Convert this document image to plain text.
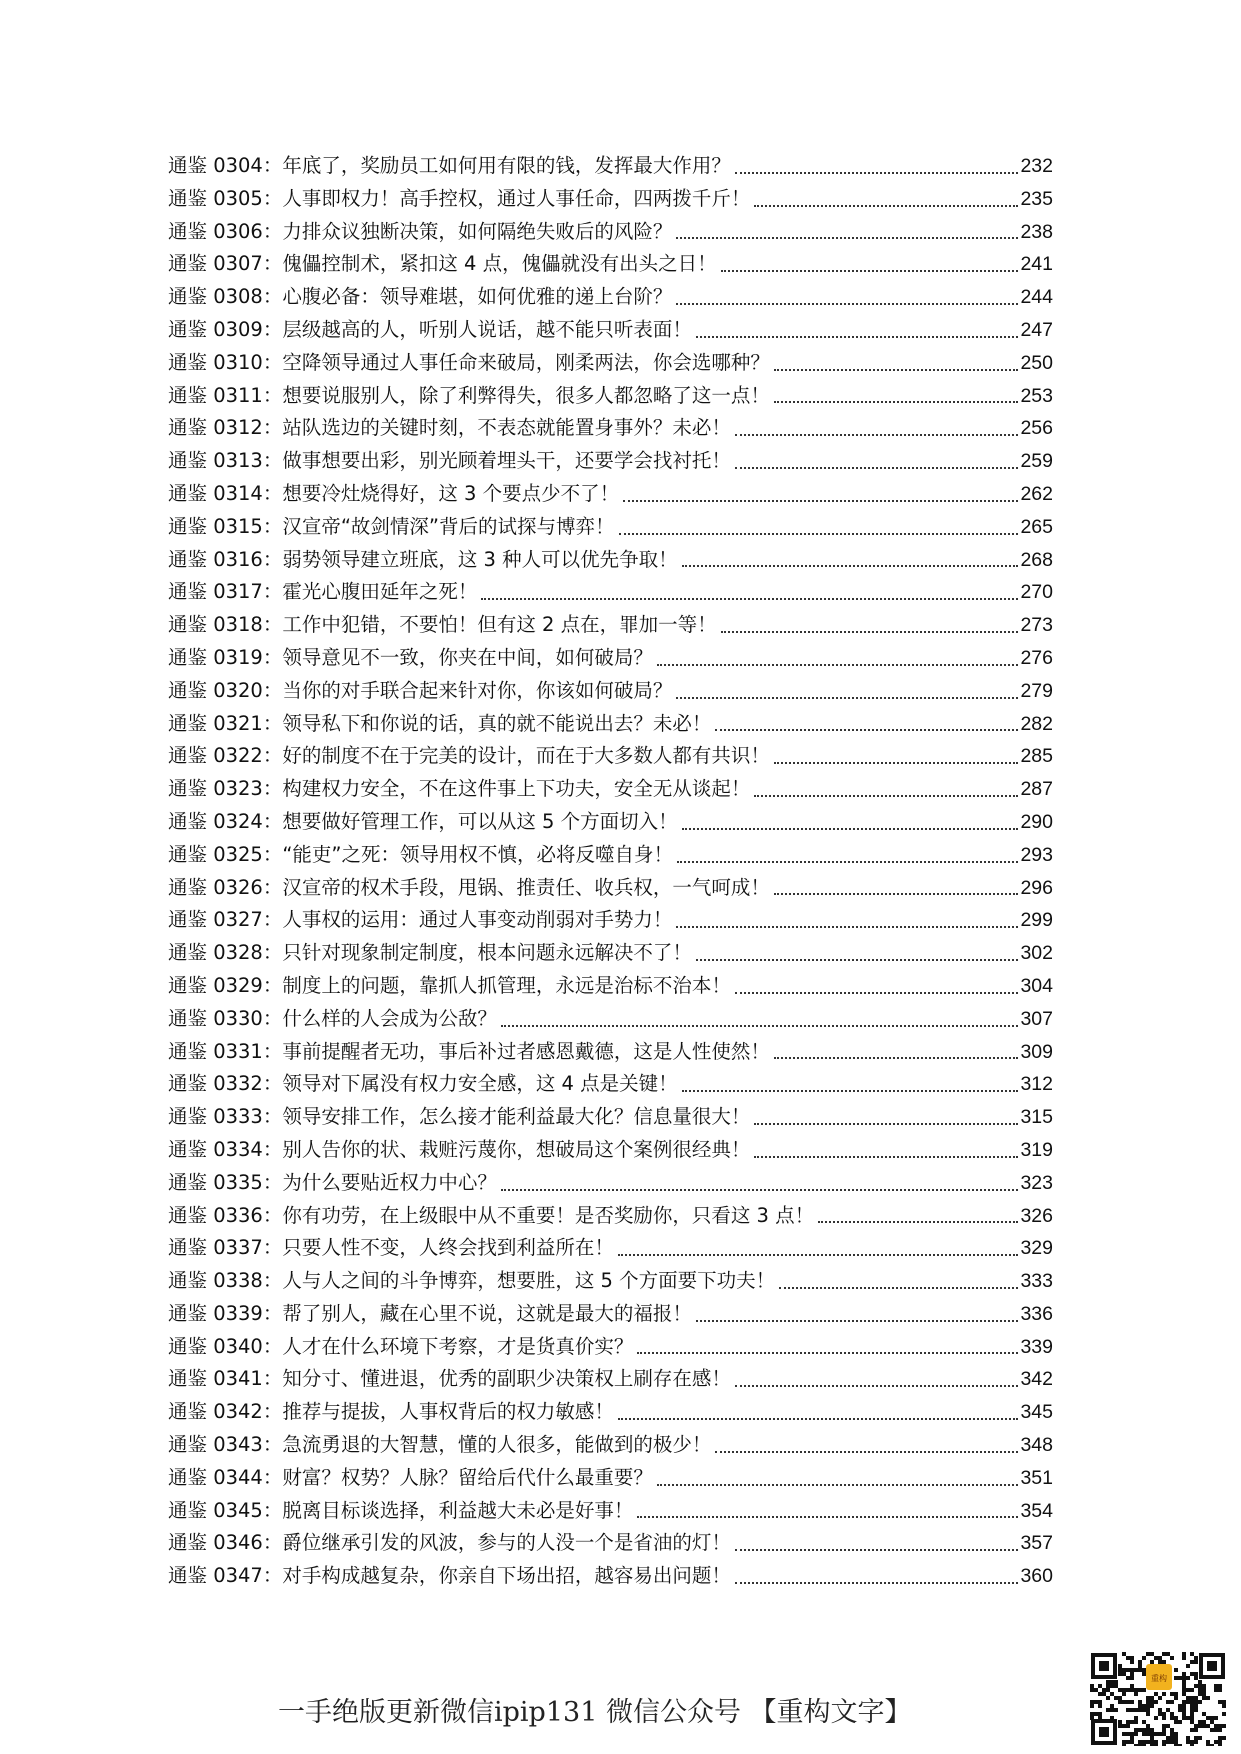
通鉴 0304： 年底了，奖励员工如何用有限的钱，发挥最大作用？	232
通鉴 0305： 人事即权力！高手控权，通过人事任命，四两拨千斤！	235
通鉴 0306： 力排众议独断决策，如何隔绝失败后的风险？	238
通鉴 0307： 傀儡控制术，紧扣这 4 点，傀儡就没有出头之日！	241
通鉴 0308： 心腹必备：领导难堪，如何优雅的递上台阶？	244
通鉴 0309： 层级越高的人，听别人说话，越不能只听表面！	247
通鉴 0310： 空降领导通过人事任命来破局，刚柔两法，你会选哪种？	250
通鉴 0311： 想要说服别人，除了利弊得失，很多人都忽略了这一点！	253
通鉴 0312： 站队选边的关键时刻，不表态就能置身事外？未必！	256
通鉴 0313： 做事想要出彩，别光顾着埋头干，还要学会找衬托！	259
通鉴 0314： 想要冷灶烧得好，这 3 个要点少不了！	262
通鉴 0315： 汉宣帝“故剑情深”背后的试探与博弈！	265
通鉴 0316： 弱势领导建立班底，这 3 种人可以优先争取！	268
通鉴 0317： 霍光心腹田延年之死！	270
通鉴 0318： 工作中犯错，不要怕！但有这 2 点在，罪加一等！	273
通鉴 0319： 领导意见不一致，你夹在中间，如何破局？	276
通鉴 0320： 当你的对手联合起来针对你，你该如何破局？	279
通鉴 0321： 领导私下和你说的话，真的就不能说出去？未必！	282
通鉴 0322： 好的制度不在于完美的设计，而在于大多数人都有共识！	285
通鉴 0323： 构建权力安全，不在这件事上下功夫，安全无从谈起！	287
通鉴 0324： 想要做好管理工作，可以从这 5 个方面切入！	290
通鉴 0325： “能吏”之死：领导用权不慎，必将反噬自身！	293
通鉴 0326： 汉宣帝的权术手段，甩锅、推责任、收兵权，一气呵成！	296
通鉴 0327： 人事权的运用：通过人事变动削弱对手势力！	299
通鉴 0328： 只针对现象制定制度，根本问题永远解决不了！	302
通鉴 0329： 制度上的问题，靠抓人抓管理，永远是治标不治本！	304
通鉴 0330： 什么样的人会成为公敌？	307
通鉴 0331： 事前提醒者无功，事后补过者感恩戴德，这是人性使然！	309
通鉴 0332： 领导对下属没有权力安全感，这 4 点是关键！	312
通鉴 0333： 领导安排工作，怎么接才能利益最大化？信息量很大！	315
通鉴 0334： 别人告你的状、栽赃污蔑你，想破局这个案例很经典！	319
通鉴 0335： 为什么要贴近权力中心？	323
通鉴 0336： 你有功劳，在上级眼中从不重要！是否奖励你，只看这 3 点！	326
通鉴 0337： 只要人性不变，人终会找到利益所在！	329
通鉴 0338： 人与人之间的斗争博弈，想要胜，这 5 个方面要下功夫！	333
通鉴 0339： 帮了别人，藏在心里不说，这就是最大的福报！	336
通鉴 0340： 人才在什么环境下考察，才是货真价实？	339
通鉴 0341： 知分寸、懂进退，优秀的副职少决策权上刷存在感！	342
通鉴 0342： 推荐与提拔，人事权背后的权力敏感！	345
通鉴 0343： 急流勇退的大智慧，懂的人很多，能做到的极少！	348
通鉴 0344： 财富？权势？人脉？留给后代什么最重要？	351
通鉴 0345： 脱离目标谈选择，利益越大未必是好事！	354
通鉴 0346： 爵位继承引发的风波，参与的人没一个是省油的灯！	357
通鉴 0347： 对手构成越复杂，你亲自下场出招，越容易出问题！	360
一手绝版更新微信ipip131 微信公众号 【重构文字】
重构
